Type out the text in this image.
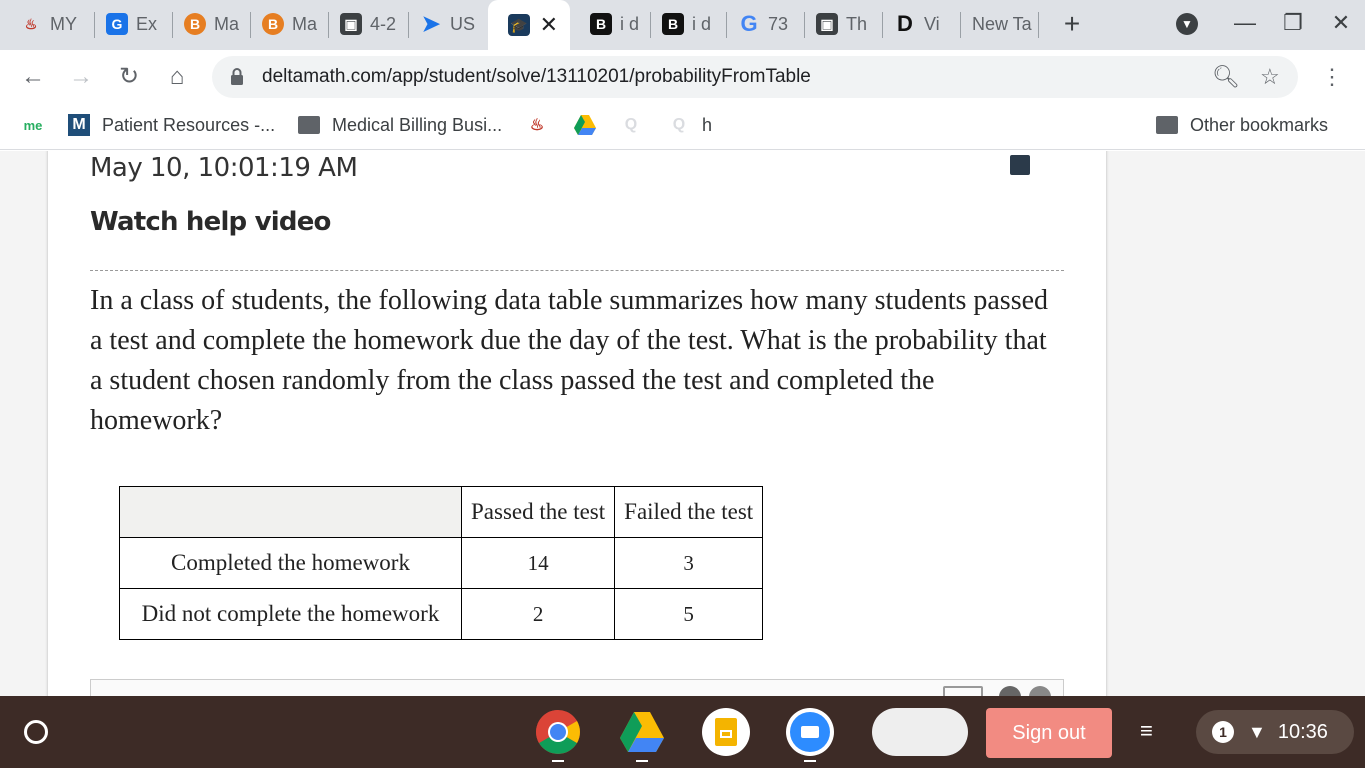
♨ MY	G Ex	B Ma	B Ma	▣ 4-2 ➤ US	🎓 ✕	B i d	B i d G 73	▣ Th D Vi New Ta +	▼	— ❐ ✕
← → ↻	⌂	deltamath.com/app/student/solve/13110201/probabilityFromTable	🔍︎ ☆ ⋮
me M Patient Resources -...	Medical Billing Busi... ♨	Q Q h	Other bookmarks
May 10, 10:01:19 AM
Watch help video
In a class of students, the following data table summarizes how many students passed a test and complete the homework due the day of the test. What is the probability that a student chosen randomly from the class passed the test and completed the homework?
	Passed the test	Failed the test
Completed the homework	14	3
Did not complete the homework	2	5
Sign out	≡	1	▼ 10:36
